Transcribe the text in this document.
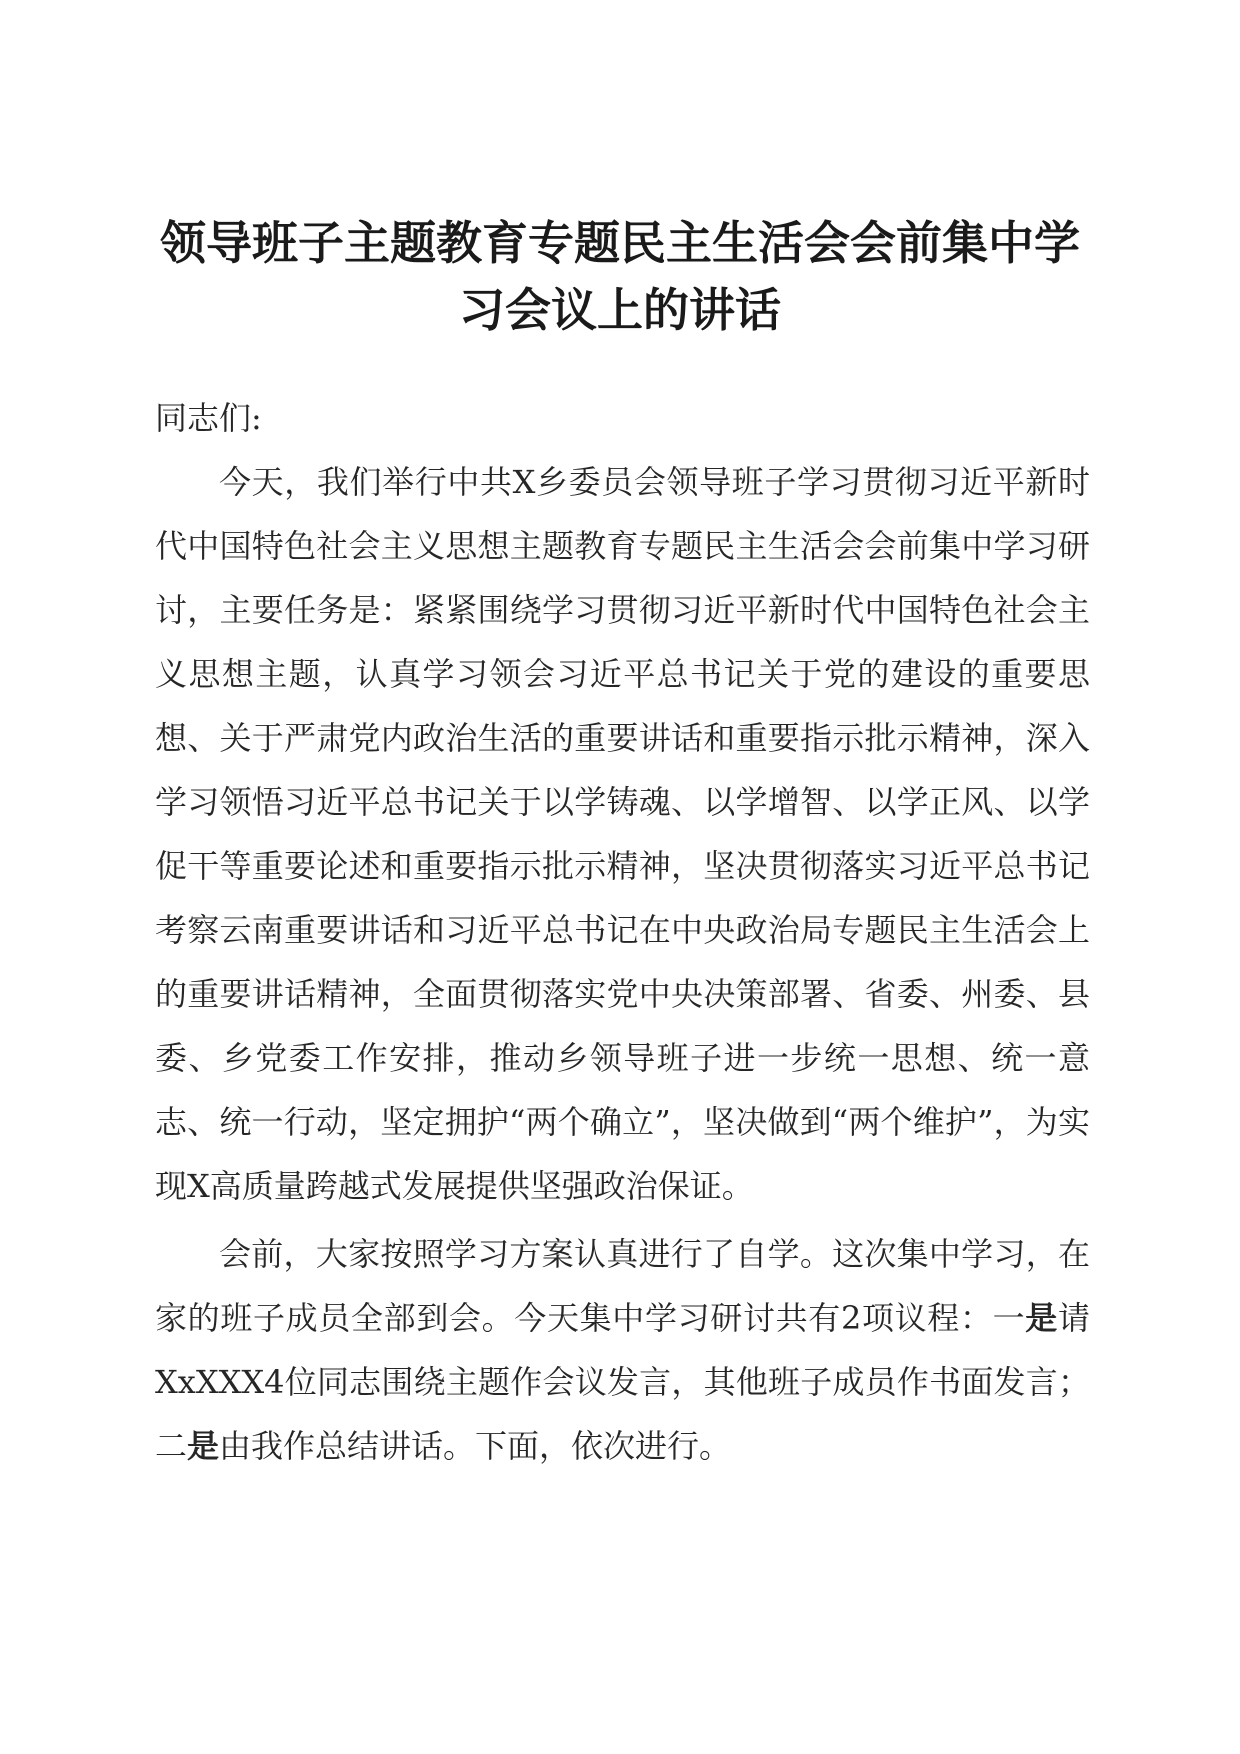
领导班子主题教育专题民主生活会会前集中学
习会议上的讲话

同志们:

今天，我们举行中共X乡委员会领导班子学习贯彻习近平新时代中国特色社会主义思想主题教育专题民主生活会会前集中学习研讨，主要任务是：紧紧围绕学习贯彻习近平新时代中国特色社会主义思想主题，认真学习领会习近平总书记关于党的建设的重要思想、关于严肃党内政治生活的重要讲话和重要指示批示精神，深入学习领悟习近平总书记关于以学铸魂、以学增智、以学正风、以学促干等重要论述和重要指示批示精神，坚决贯彻落实习近平总书记考察云南重要讲话和习近平总书记在中央政治局专题民主生活会上的重要讲话精神，全面贯彻落实党中央决策部署、省委、州委、县委、乡党委工作安排，推动乡领导班子进一步统一思想、统一意志、统一行动，坚定拥护“两个确立”，坚决做到“两个维护”，为实现X高质量跨越式发展提供坚强政治保证。

会前，大家按照学习方案认真进行了自学。这次集中学习，在家的班子成员全部到会。今天集中学习研讨共有2项议程：一是请XxXXX4位同志围绕主题作会议发言，其他班子成员作书面发言；二是由我作总结讲话。下面，依次进行。
